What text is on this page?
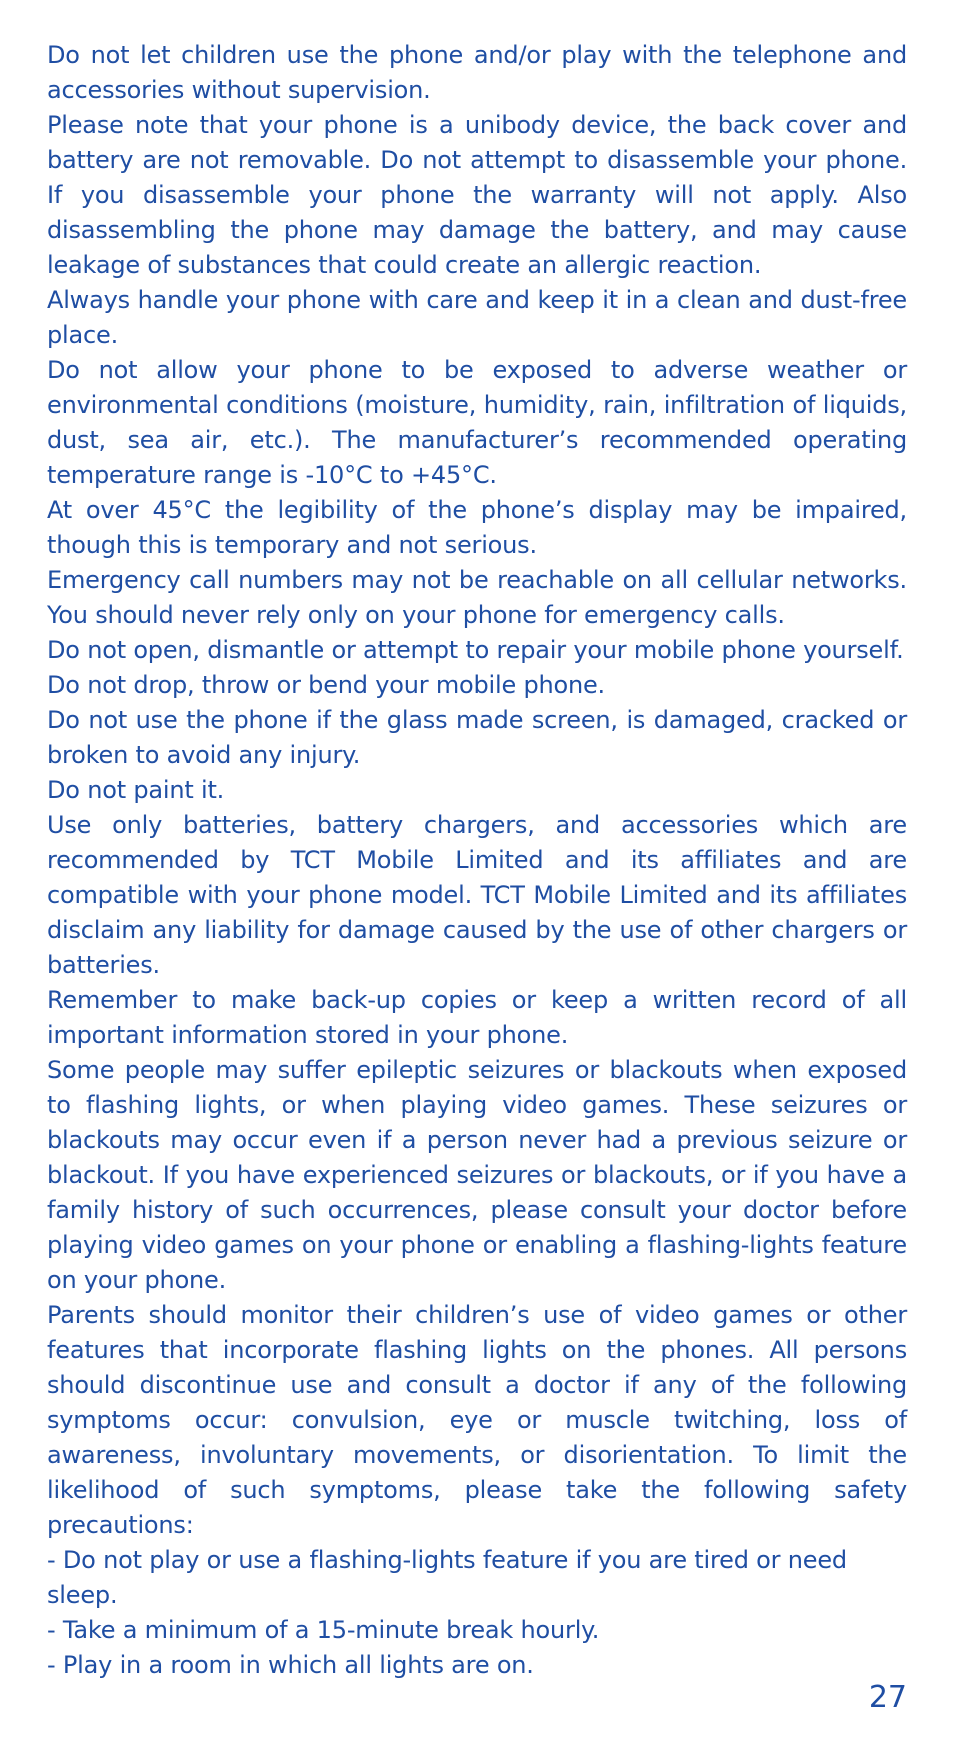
Do not let children use the phone and/or play with the telephone and accessories without supervision.

Please note that your phone is a unibody device, the back cover and battery are not removable. Do not attempt to disassemble your phone. If you disassemble your phone the warranty will not apply. Also disassembling the phone may damage the battery, and may cause leakage of substances that could create an allergic reaction.

Always handle your phone with care and keep it in a clean and dust-free place.

Do not allow your phone to be exposed to adverse weather or environmental conditions (moisture, humidity, rain, infiltration of liquids, dust, sea air, etc.). The manufacturer’s recommended operating temperature range is -10°C to +45°C.

At over 45°C the legibility of the phone’s display may be impaired, though this is temporary and not serious.

Emergency call numbers may not be reachable on all cellular networks. You should never rely only on your phone for emergency calls.

Do not open, dismantle or attempt to repair your mobile phone yourself.

Do not drop, throw or bend your mobile phone.

Do not use the phone if the glass made screen, is damaged, cracked or broken to avoid any injury.

Do not paint it.

Use only batteries, battery chargers, and accessories which are recommended by TCT Mobile Limited and its affiliates and are compatible with your phone model. TCT Mobile Limited and its affiliates disclaim any liability for damage caused by the use of other chargers or batteries.

Remember to make back-up copies or keep a written record of all important information stored in your phone.

Some people may suffer epileptic seizures or blackouts when exposed to flashing lights, or when playing video games. These seizures or blackouts may occur even if a person never had a previous seizure or blackout. If you have experienced seizures or blackouts, or if you have a family history of such occurrences, please consult your doctor before playing video games on your phone or enabling a flashing-lights feature on your phone.

Parents should monitor their children’s use of video games or other features that incorporate flashing lights on the phones. All persons should discontinue use and consult a doctor if any of the following symptoms occur: convulsion, eye or muscle twitching, loss of awareness, involuntary movements, or disorientation. To limit the likelihood of such symptoms, please take the following safety precautions:

- Do not play or use a flashing-lights feature if you are tired or need sleep.

- Take a minimum of a 15-minute break hourly.

- Play in a room in which all lights are on.

27
